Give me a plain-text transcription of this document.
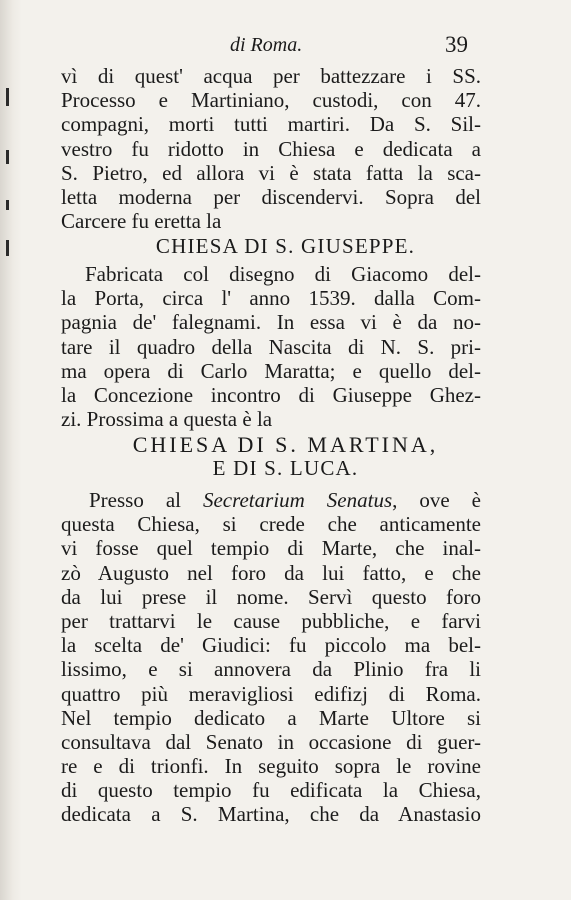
di Roma.	39
vì di quest' acqua per battezzare i SS.
Processo e Martiniano, custodi, con 47.
compagni, morti tutti martiri. Da S. Sil-
vestro fu ridotto in Chiesa e dedicata a
S. Pietro, ed allora vi è stata fatta la sca-
letta moderna per discendervi. Sopra del
Carcere fu eretta la
CHIESA DI S. GIUSEPPE.
Fabricata col disegno di Giacomo del-
la Porta, circa l' anno 1539. dalla Com-
pagnia de' falegnami. In essa vi è da no-
tare il quadro della Nascita di N. S. pri-
ma opera di Carlo Maratta; e quello del-
la Concezione incontro di Giuseppe Ghez-
zi. Prossima a questa è la
CHIESA DI S. MARTINA,
E DI S. LUCA.
Presso al Secretarium Senatus, ove è
questa Chiesa, si crede che anticamente
vi fosse quel tempio di Marte, che inal-
zò Augusto nel foro da lui fatto, e che
da lui prese il nome. Servì questo foro
per trattarvi le cause pubbliche, e farvi
la scelta de' Giudici: fu piccolo ma bel-
lissimo, e si annovera da Plinio fra li
quattro più meravigliosi edifizj di Roma.
Nel tempio dedicato a Marte Ultore si
consultava dal Senato in occasione di guer-
re e di trionfi. In seguito sopra le rovine
di questo tempio fu edificata la Chiesa,
dedicata a S. Martina, che da Anastasio
